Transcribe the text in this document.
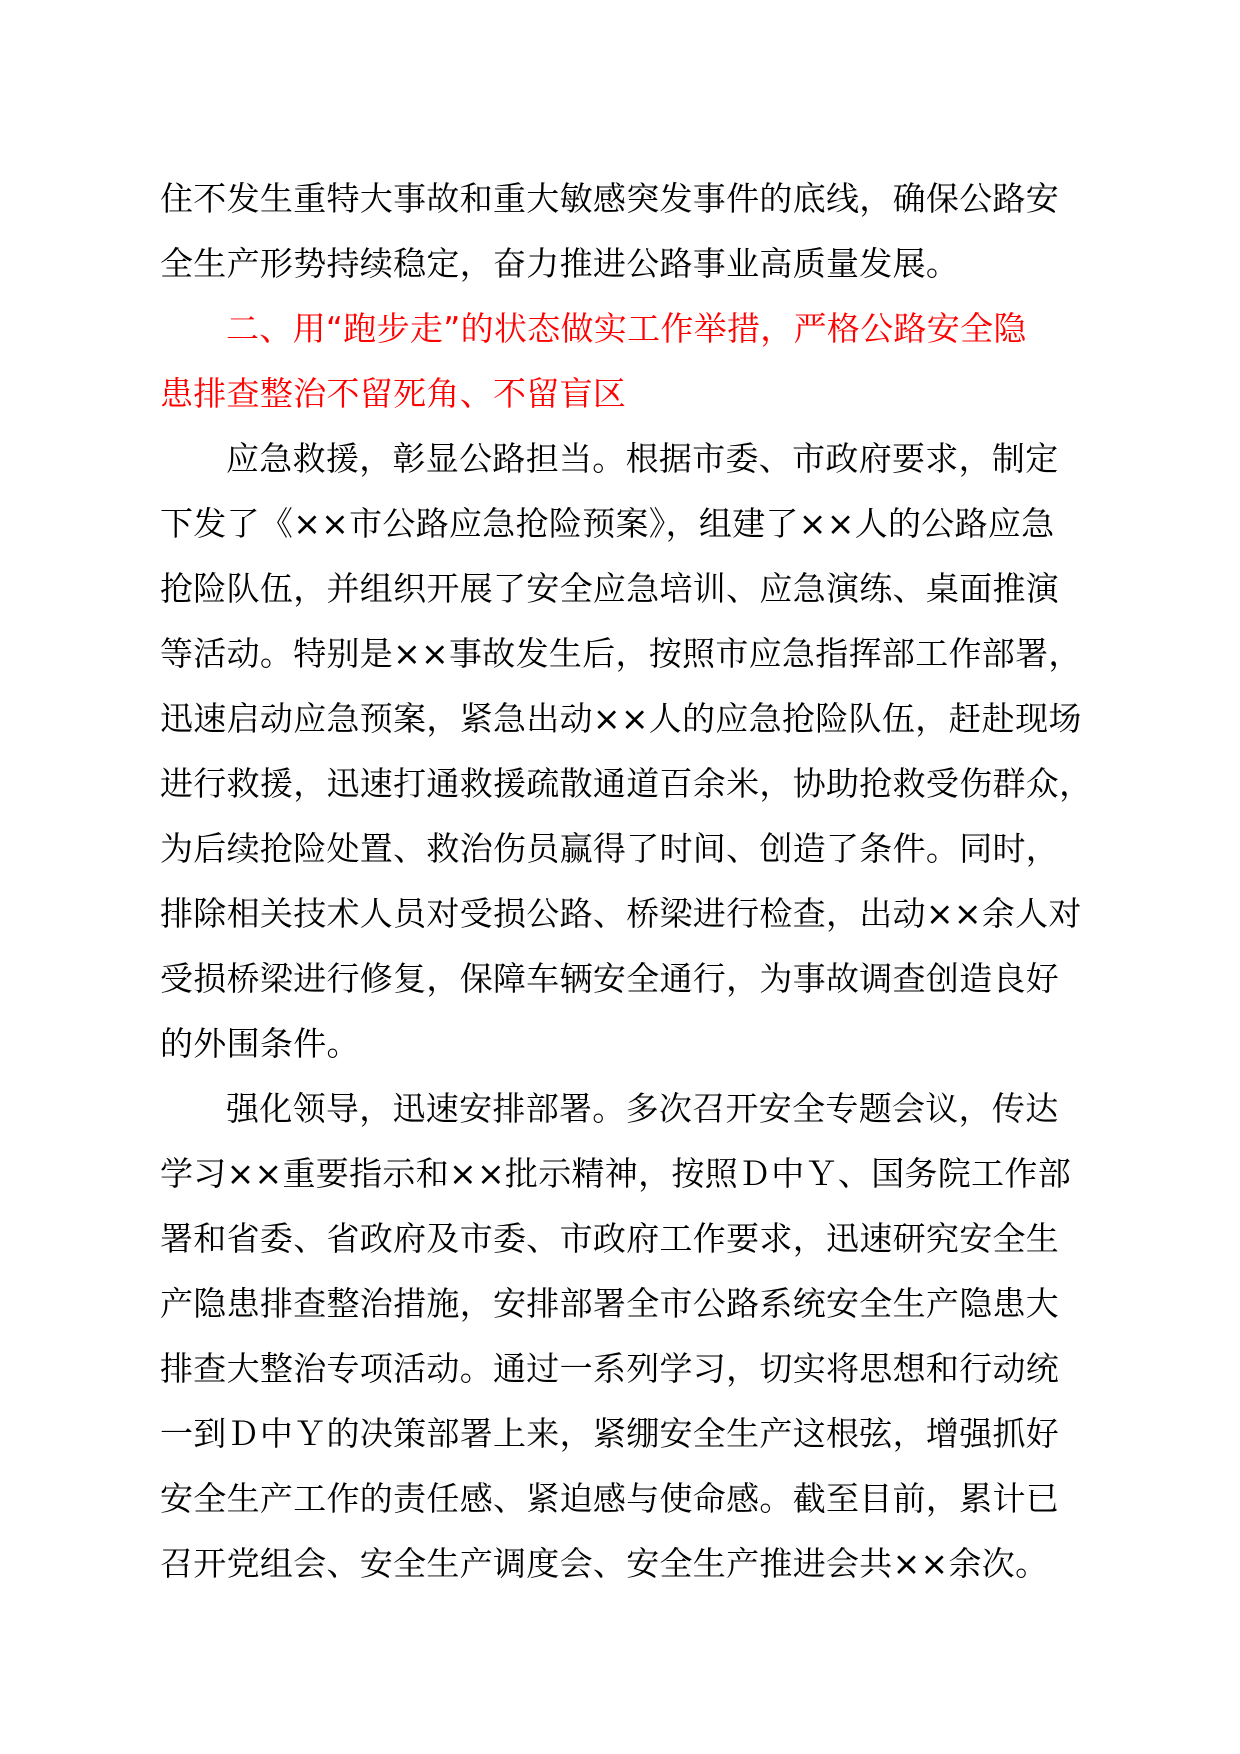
住不发生重特大事故和重大敏感突发事件的底线，确保公路安
全生产形势持续稳定，奋力推进公路事业高质量发展。
二、用“跑步走”的状态做实工作举措，严格公路安全隐
患排查整治不留死角、不留盲区
应急救援，彰显公路担当。根据市委、市政府要求，制定
下发了《××市公路应急抢险预案》，组建了××人的公路应急
抢险队伍，并组织开展了安全应急培训、应急演练、桌面推演
等活动。特别是××事故发生后，按照市应急指挥部工作部署，
迅速启动应急预案，紧急出动××人的应急抢险队伍，赶赴现场
进行救援，迅速打通救援疏散通道百余米，协助抢救受伤群众，
为后续抢险处置、救治伤员赢得了时间、创造了条件。同时，
排除相关技术人员对受损公路、桥梁进行检查，出动××余人对
受损桥梁进行修复，保障车辆安全通行，为事故调查创造良好
的外围条件。
强化领导，迅速安排部署。多次召开安全专题会议，传达
学习××重要指示和××批示精神，按照Ｄ中Ｙ、国务院工作部
署和省委、省政府及市委、市政府工作要求，迅速研究安全生
产隐患排查整治措施，安排部署全市公路系统安全生产隐患大
排查大整治专项活动。通过一系列学习，切实将思想和行动统
一到Ｄ中Ｙ的决策部署上来，紧绷安全生产这根弦，增强抓好
安全生产工作的责任感、紧迫感与使命感。截至目前，累计已
召开党组会、安全生产调度会、安全生产推进会共××余次。
